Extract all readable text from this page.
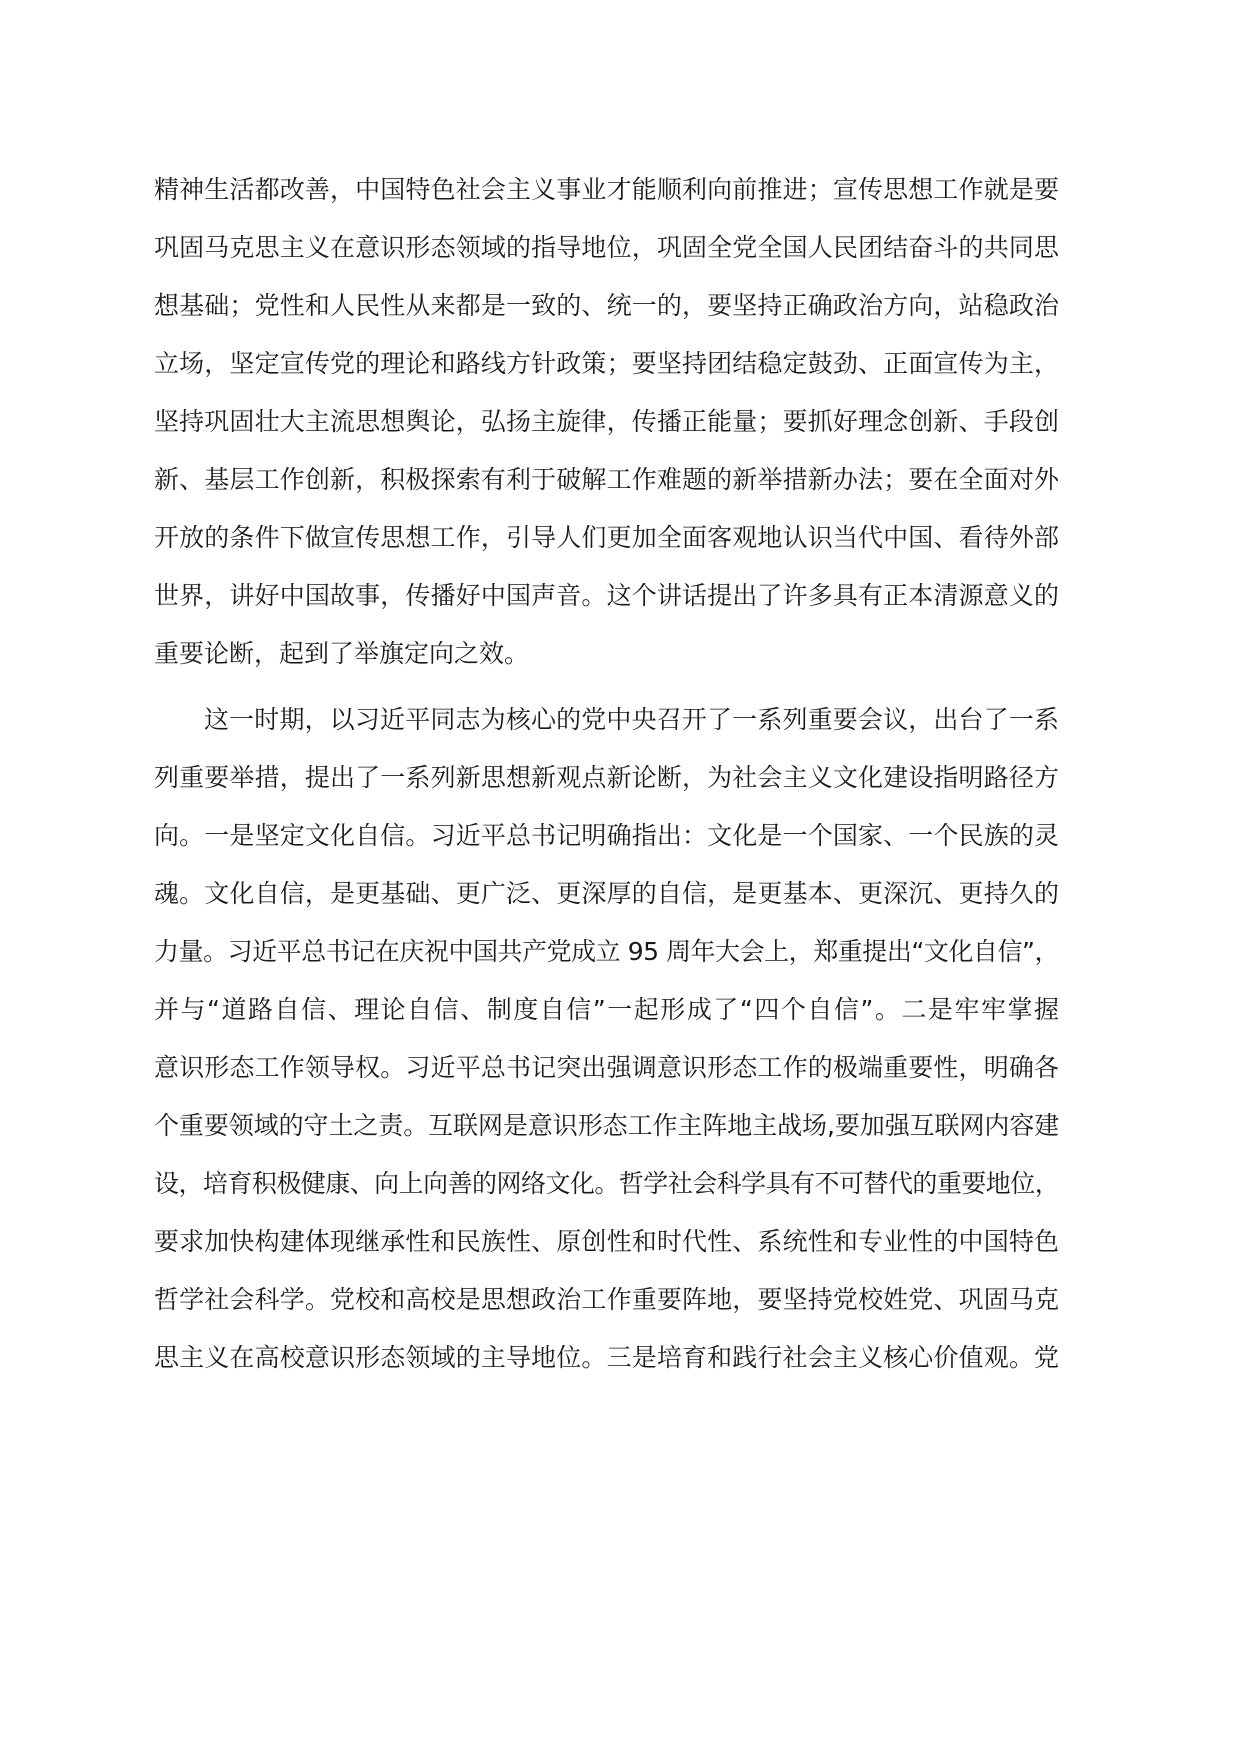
精神生活都改善，中国特色社会主义事业才能顺利向前推进；宣传思想工作就是要
巩固马克思主义在意识形态领域的指导地位，巩固全党全国人民团结奋斗的共同思
想基础；党性和人民性从来都是一致的、统一的，要坚持正确政治方向，站稳政治
立场，坚定宣传党的理论和路线方针政策；要坚持团结稳定鼓劲、正面宣传为主，
坚持巩固壮大主流思想舆论，弘扬主旋律，传播正能量；要抓好理念创新、手段创
新、基层工作创新，积极探索有利于破解工作难题的新举措新办法；要在全面对外
开放的条件下做宣传思想工作，引导人们更加全面客观地认识当代中国、看待外部
世界，讲好中国故事，传播好中国声音。这个讲话提出了许多具有正本清源意义的
重要论断，起到了举旗定向之效。
这一时期，以习近平同志为核心的党中央召开了一系列重要会议，出台了一系
列重要举措，提出了一系列新思想新观点新论断，为社会主义文化建设指明路径方
向。一是坚定文化自信。习近平总书记明确指出：文化是一个国家、一个民族的灵
魂。文化自信，是更基础、更广泛、更深厚的自信，是更基本、更深沉、更持久的
力量。习近平总书记在庆祝中国共产党成立 95 周年大会上，郑重提出“文化自信”，
并与“道路自信、理论自信、制度自信”一起形成了“四个自信”。二是牢牢掌握
意识形态工作领导权。习近平总书记突出强调意识形态工作的极端重要性，明确各
个重要领域的守土之责。互联网是意识形态工作主阵地主战场,要加强互联网内容建
设，培育积极健康、向上向善的网络文化。哲学社会科学具有不可替代的重要地位，
要求加快构建体现继承性和民族性、原创性和时代性、系统性和专业性的中国特色
哲学社会科学。党校和高校是思想政治工作重要阵地，要坚持党校姓党、巩固马克
思主义在高校意识形态领域的主导地位。三是培育和践行社会主义核心价值观。党
